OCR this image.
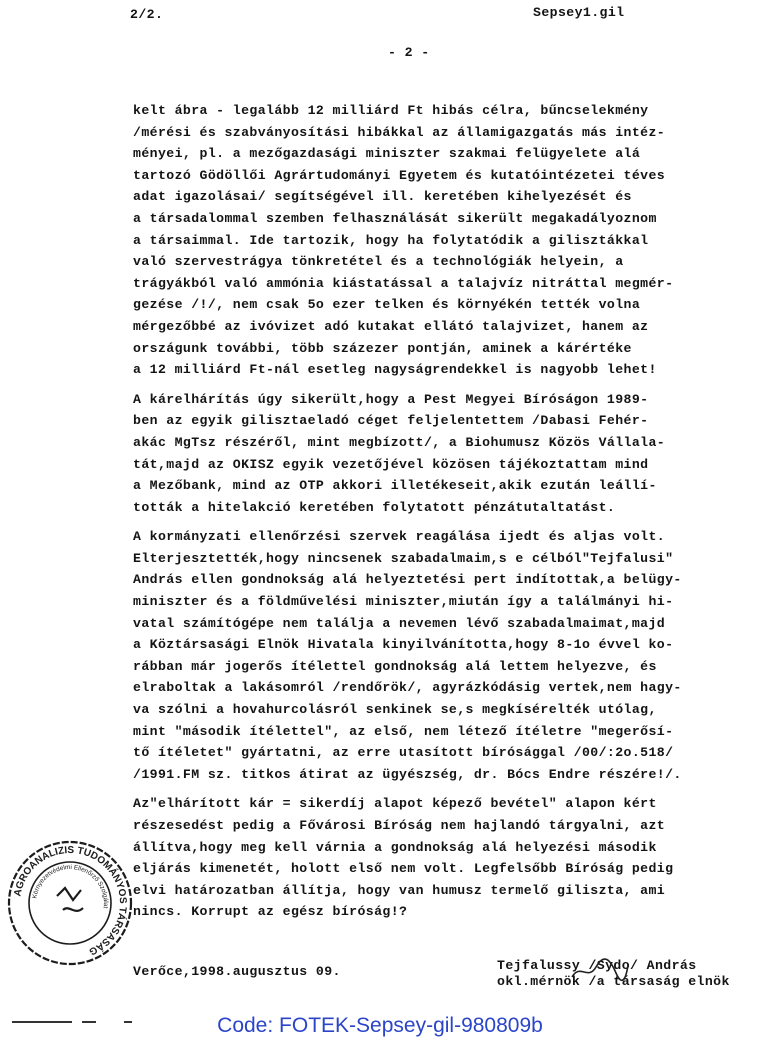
2/2.	Sepsey1.gil
- 2 -
kelt ábra - legalább 12 milliárd Ft hibás célra, bűncselekmény
/mérési és szabványosítási hibákkal az államigazgatás más intéz-
ményei, pl. a mezőgazdasági miniszter szakmai felügyelete alá
tartozó Gödöllői Agrártudományi Egyetem és kutatóintézetei téves
adat igazolásai/ segítségével ill. keretében kihelyezését és
a társadalommal szemben felhasználását sikerült megakadályoznom
a társaimmal. Ide tartozik, hogy ha folytatódik a gilisztákkal
való szervestrágya tönkretétel és a technológiák helyein, a
trágyákból való ammónia kiástatással a talajvíz nitráttal megmér-
gezése /!/, nem csak 5o ezer telken és környékén tették volna
mérgezőbbé az ivóvizet adó kutakat ellátó talajvizet, hanem az
országunk további, több százezer pontján, aminek a kárértéke
a 12 milliárd Ft-nál esetleg nagyságrendekkel is nagyobb lehet!
A kárelhárítás úgy sikerült,hogy a Pest Megyei Bíróságon 1989-
ben az egyik gilisztaeladó céget feljelentettem /Dabasi Fehér-
akác MgTsz részéről, mint megbízott/, a Biohumusz Közös Vállala-
tát,majd az OKISZ egyik vezetőjével közösen tájékoztattam mind
a Mezőbank, mind az OTP akkori illetékeseit,akik ezután leállí-
tották a hitelakció keretében folytatott pénzátutaltatást.
A kormányzati ellenőrzési szervek reagálása ijedt és aljas volt.
Elterjesztették,hogy nincsenek szabadalmaim,s e célból"Tejfalusi"
András ellen gondnokság alá helyeztetési pert indítottak,a belügy-
miniszter és a földművelési miniszter,miután így a találmányi hi-
vatal számítógépe nem találja a nevemen lévő szabadalmaimat,majd
a Köztársasági Elnök Hivatala kinyilvánította,hogy 8-1o évvel ko-
rábban már jogerős ítélettel gondnokság alá lettem helyezve, és
elraboltak a lakásomról /rendőrök/, agyrázkódásig vertek,nem hagy-
va szólni a hovahurcolásról senkinek se,s megkísérelték utólag,
mint "második ítélettel", az első, nem létező ítéletre "megerősí-
tő ítéletet" gyártatni, az erre utasított bírósággal /00/:2o.518/
/1991.FM sz. titkos átirat az ügyészség, dr. Bócs Endre részére!/.
Az"elhárított kár = sikerdíj alapot képező bevétel" alapon kért
részesedést pedig a Fővárosi Bíróság nem hajlandó tárgyalni, azt
állítva,hogy meg kell várnia a gondnokság alá helyezési második
eljárás kimenetét, holott első nem volt. Legfelsőbb Bíróság pedig
elvi határozatban állítja, hogy van humusz termelő giliszta, ami
nincs. Korrupt az egész bíróság!?
Verőce,1998.augusztus 09.	Tejfalussy /Sydo/ András
okl.mérnök /a társaság elnök
AGROANALIZIS TUDOMÁNYOS TÁRSASÁG
Környezetvédelmi Ellenőrző Szolgálat
Code: FOTEK-Sepsey-gil-980809b
